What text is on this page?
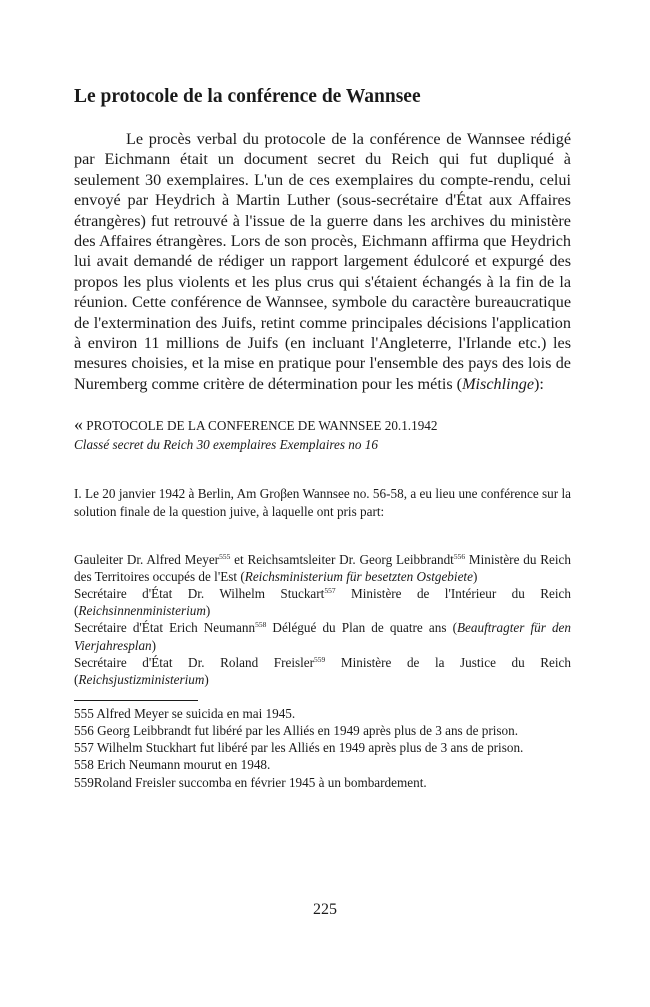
Le protocole de la conférence de Wannsee

Le procès verbal du protocole de la conférence de Wannsee rédigé par Eichmann était un document secret du Reich qui fut dupliqué à seulement 30 exemplaires. L'un de ces exemplaires du compte-rendu, celui envoyé par Heydrich à Martin Luther (sous-secrétaire d'État aux Affaires étrangères) fut retrouvé à l'issue de la guerre dans les archives du ministère des Affaires étrangères. Lors de son procès, Eichmann affirma que Heydrich lui avait demandé de rédiger un rapport largement édulcoré et expurgé des propos les plus violents et les plus crus qui s'étaient échangés à la fin de la réunion. Cette conférence de Wannsee, symbole du caractère bureaucratique de l'extermination des Juifs, retint comme principales décisions l'application à environ 11 millions de Juifs (en incluant l'Angleterre, l'Irlande etc.) les mesures choisies, et la mise en pratique pour l'ensemble des pays des lois de Nuremberg comme critère de détermination pour les métis (Mischlinge):

« PROTOCOLE DE LA CONFERENCE DE WANNSEE 20.1.1942
Classé secret du Reich 30 exemplaires Exemplaires no 16
I. Le 20 janvier 1942 à Berlin, Am Groβen Wannsee no. 56-58, a eu lieu une conférence sur la solution finale de la question juive, à laquelle ont pris part:
Gauleiter Dr. Alfred Meyer$^{555}$ et Reichsamtsleiter Dr. Georg Leibbrandt$^{556}$ Ministère du Reich des Territoires occupés de l'Est (Reichsministerium für besetzten Ostgebiete)
Secrétaire d'État Dr. Wilhelm Stuckart$^{557}$ Ministère de l'Intérieur du Reich (Reichsinnenministerium)
Secrétaire d'État Erich Neumann$^{558}$ Délégué du Plan de quatre ans (Beauftragter für den Vierjahresplan)
Secrétaire d'État Dr. Roland Freisler$^{559}$ Ministère de la Justice du Reich (Reichsjustizministerium)
555 Alfred Meyer se suicida en mai 1945.
556 Georg Leibbrandt fut libéré par les Alliés en 1949 après plus de 3 ans de prison.
557 Wilhelm Stuckhart fut libéré par les Alliés en 1949 après plus de 3 ans de prison.
558 Erich Neumann mourut en 1948.
559Roland Freisler succomba en février 1945 à un bombardement.
225
